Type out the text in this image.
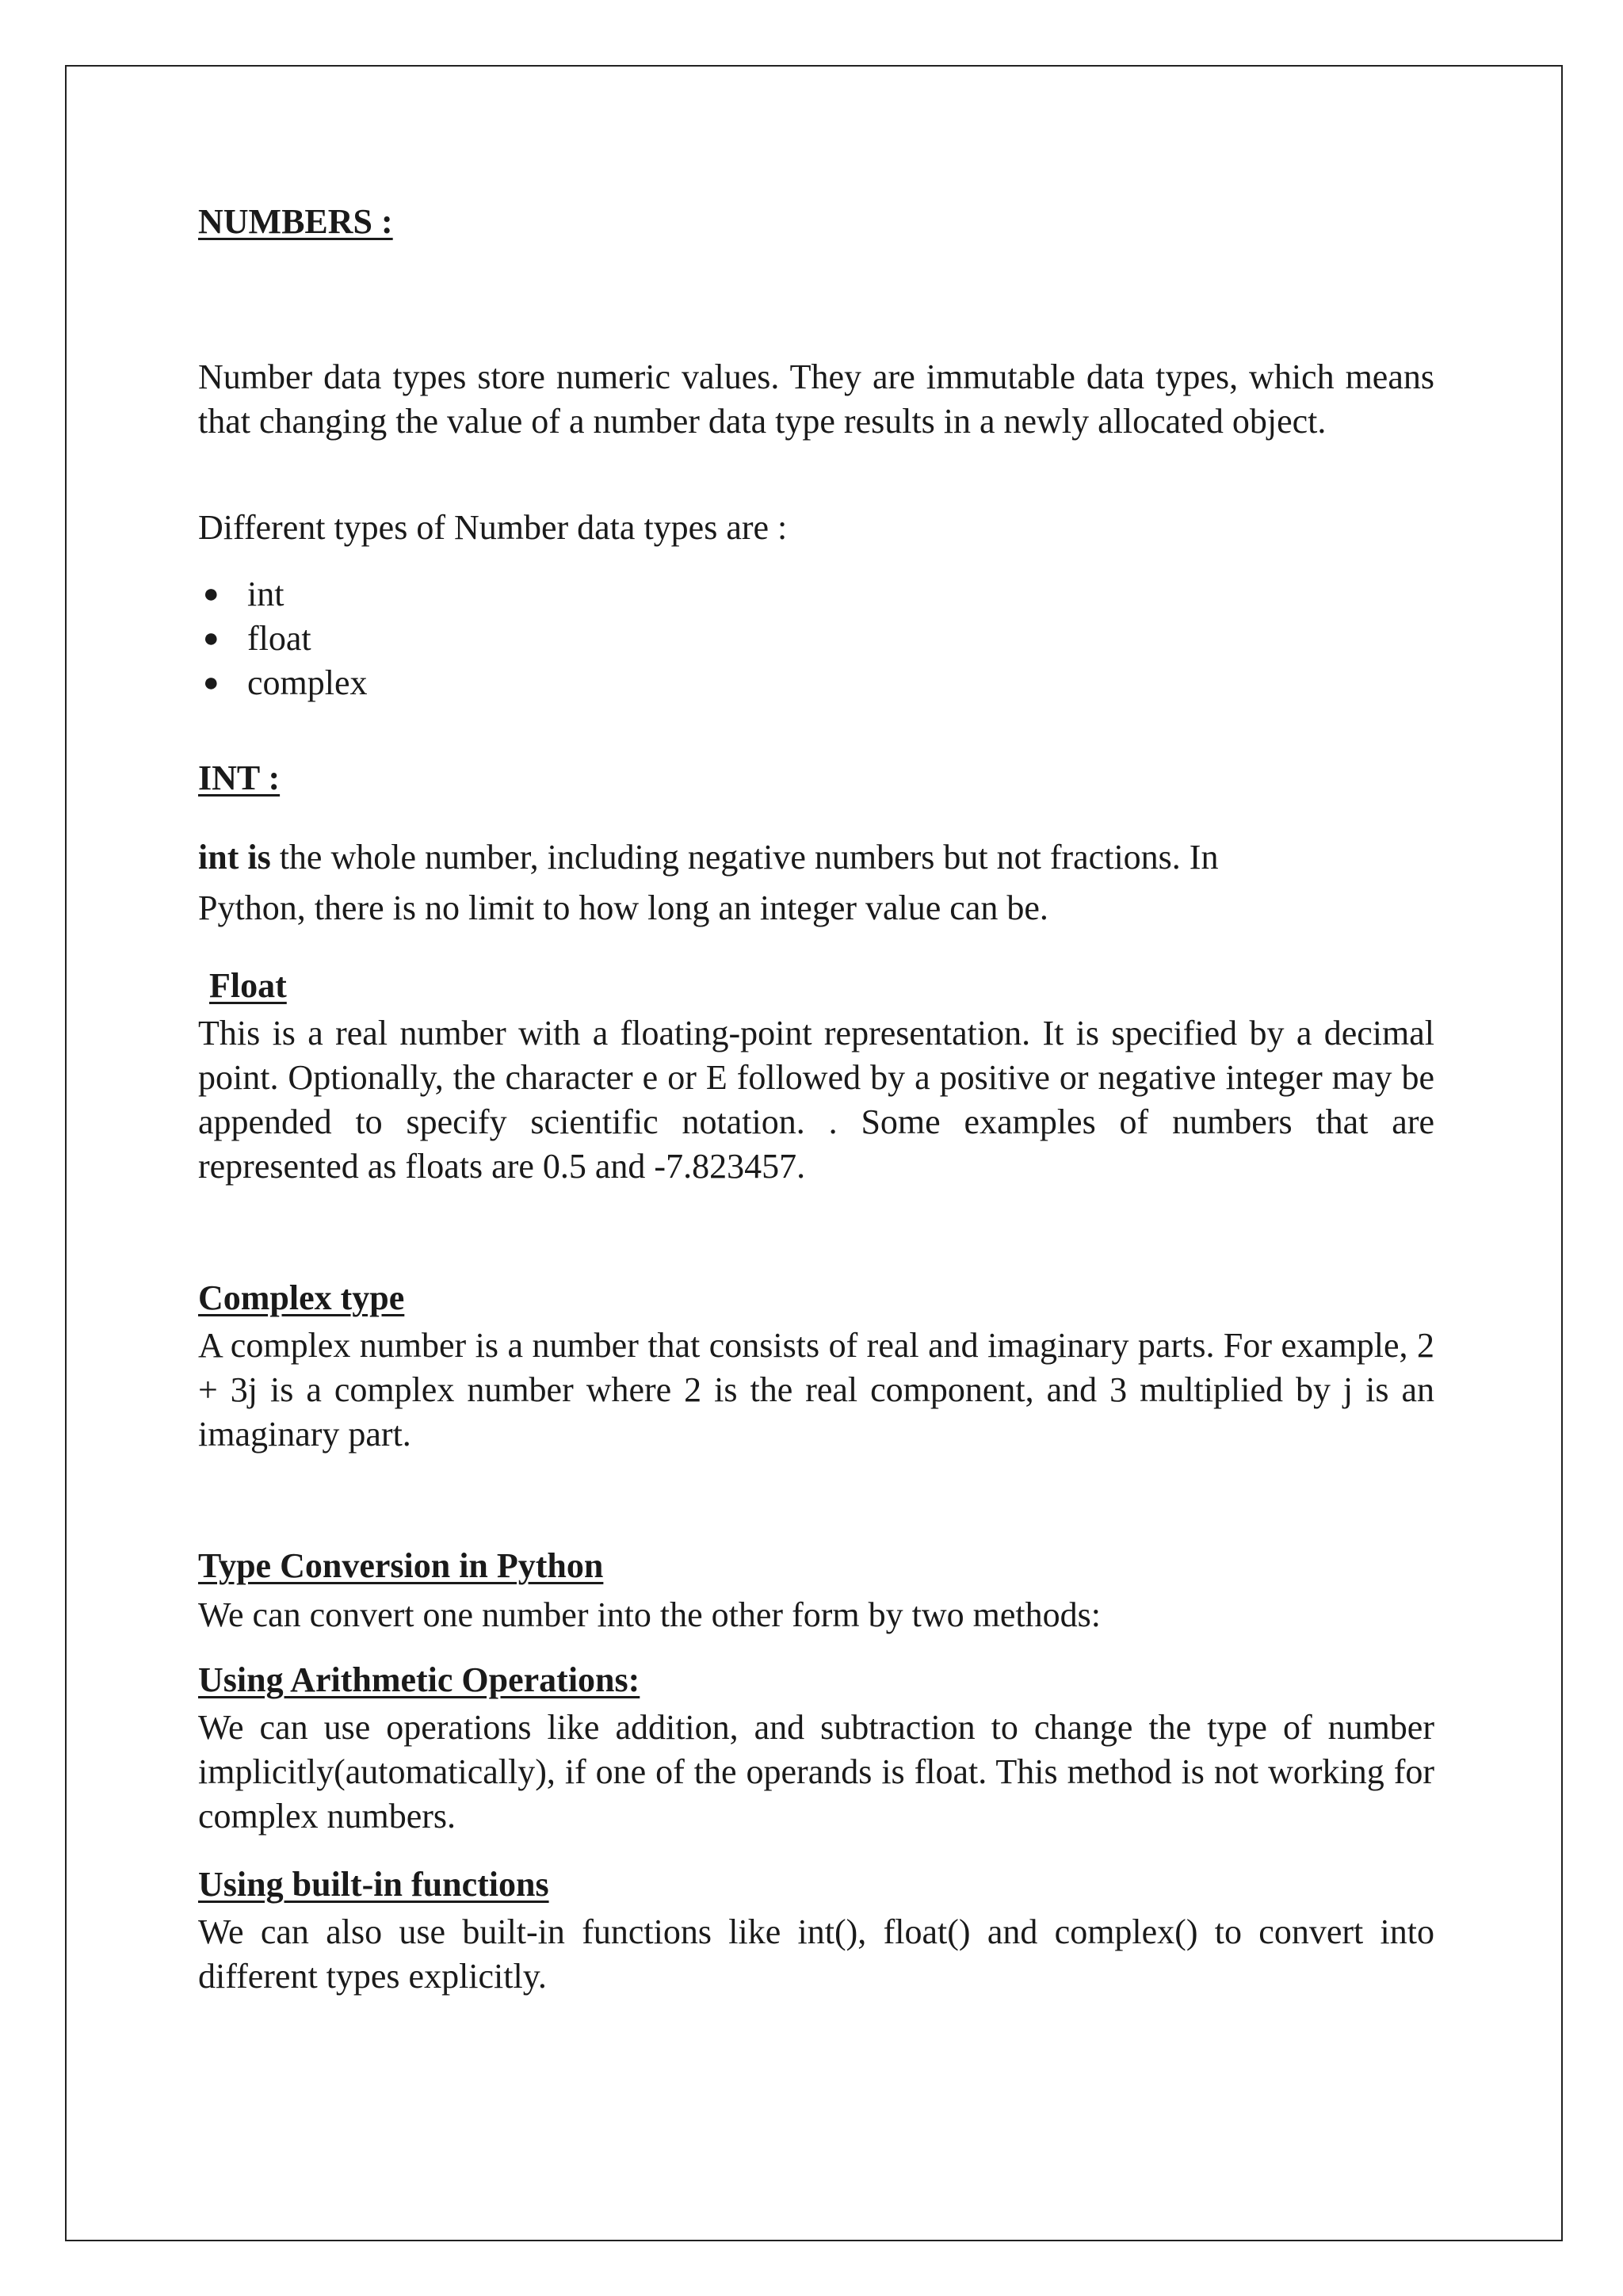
NUMBERS :

Number data types store numeric values. They are immutable data types, which means that changing the value of a number data type results in a newly allocated object.

Different types of Number data types are :

● int
● float
● complex
INT :

int is the whole number, including negative numbers but not fractions. In

Python, there is no limit to how long an integer value can be.

Float

This is a real number with a floating-point representation. It is specified by a decimal point. Optionally, the character e or E followed by a positive or negative integer may be appended to specify scientific notation. . Some examples of numbers that are represented as floats are 0.5 and -7.823457.

Complex type

A complex number is a number that consists of real and imaginary parts. For example, 2 + 3j is a complex number where 2 is the real component, and 3 multiplied by j is an imaginary part.

Type Conversion in Python

We can convert one number into the other form by two methods:

Using Arithmetic Operations:

We can use operations like addition, and subtraction to change the type of number implicitly(automatically), if one of the operands is float. This method is not working for complex numbers.

Using built-in functions

We can also use built-in functions like int(), float() and complex() to convert into different types explicitly.
